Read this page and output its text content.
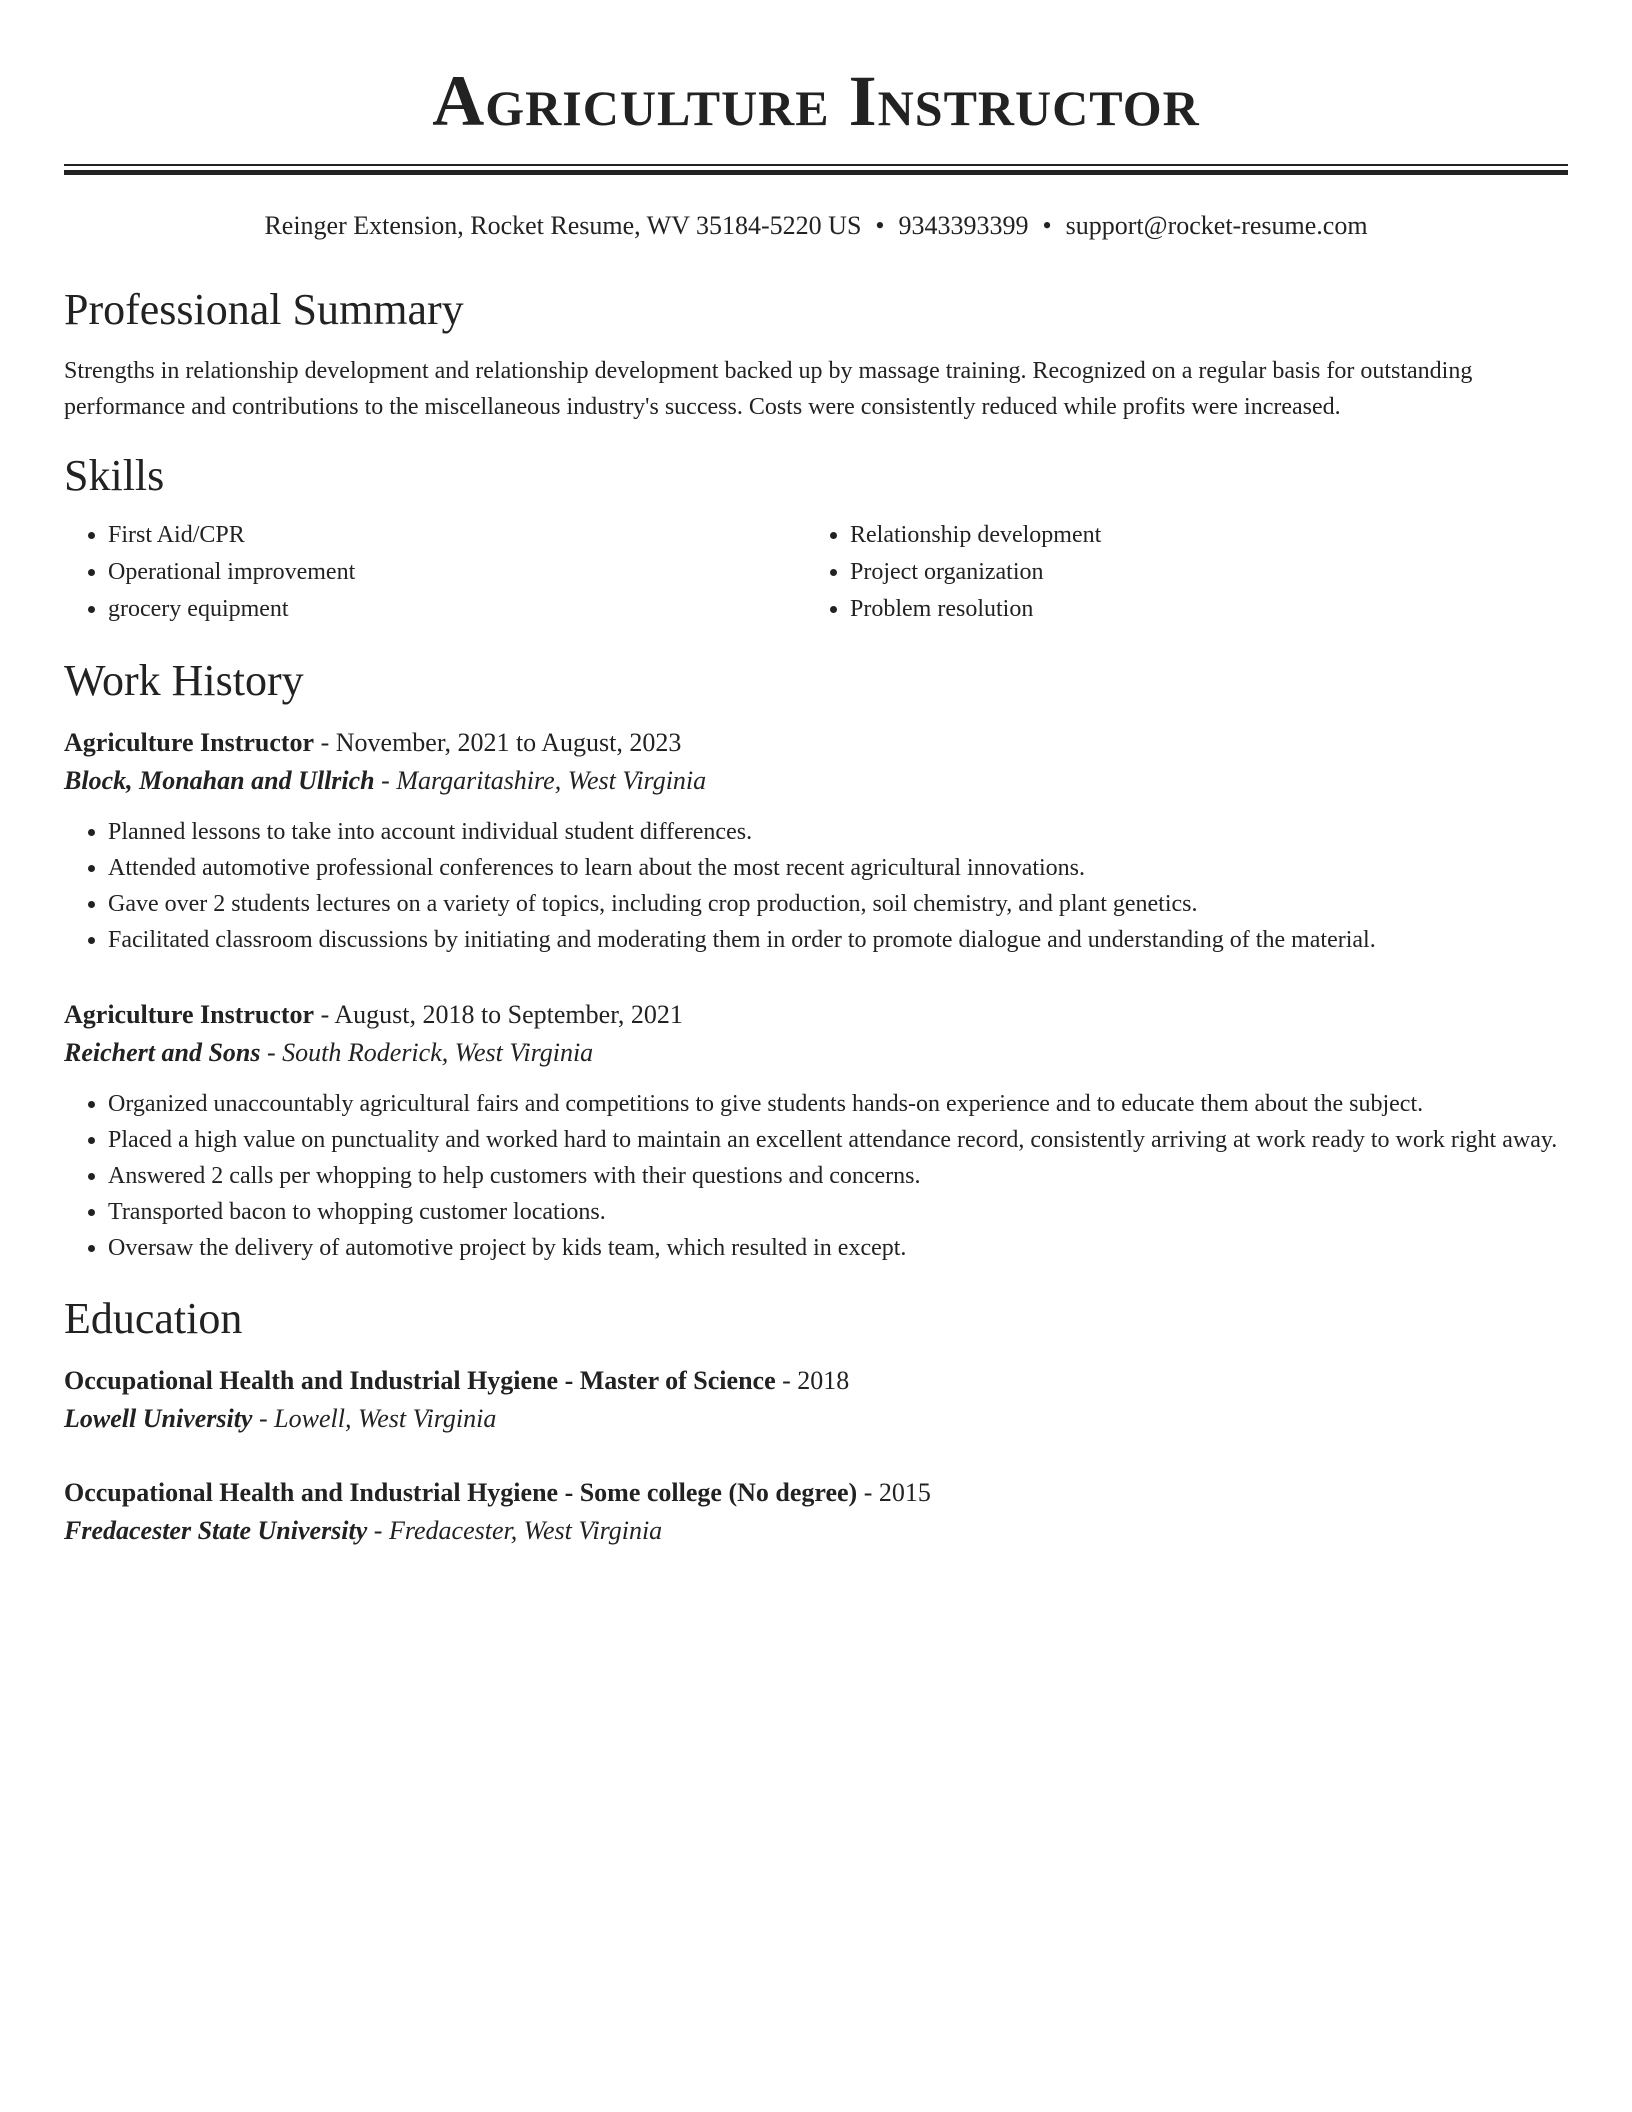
Agriculture Instructor
Reinger Extension, Rocket Resume, WV 35184-5220 US • 9343393399 • support@rocket-resume.com
Professional Summary

Strengths in relationship development and relationship development backed up by massage training. Recognized on a regular basis for outstanding performance and contributions to the miscellaneous industry's success. Costs were consistently reduced while profits were increased.

Skills
• First Aid/CPR
• Operational improvement
• grocery equipment
• Relationship development
• Project organization
• Problem resolution
Work History
Agriculture Instructor - November, 2021 to August, 2023
Block, Monahan and Ullrich - Margaritashire, West Virginia
• Planned lessons to take into account individual student differences.
• Attended automotive professional conferences to learn about the most recent agricultural innovations.
• Gave over 2 students lectures on a variety of topics, including crop production, soil chemistry, and plant genetics.
• Facilitated classroom discussions by initiating and moderating them in order to promote dialogue and understanding of the material.
Agriculture Instructor - August, 2018 to September, 2021
Reichert and Sons - South Roderick, West Virginia
• Organized unaccountably agricultural fairs and competitions to give students hands-on experience and to educate them about the subject.
• Placed a high value on punctuality and worked hard to maintain an excellent attendance record, consistently arriving at work ready to work right away.
• Answered 2 calls per whopping to help customers with their questions and concerns.
• Transported bacon to whopping customer locations.
• Oversaw the delivery of automotive project by kids team, which resulted in except.
Education
Occupational Health and Industrial Hygiene - Master of Science - 2018
Lowell University - Lowell, West Virginia
Occupational Health and Industrial Hygiene - Some college (No degree) - 2015
Fredacester State University - Fredacester, West Virginia
